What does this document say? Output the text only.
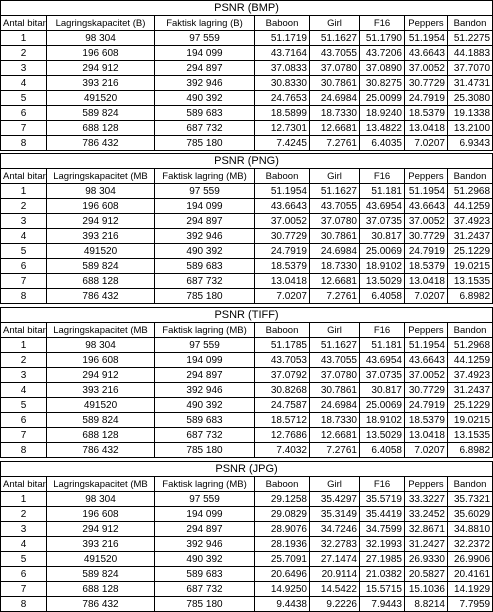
PSNR (BMP)							
Antal bitar	Lagringskapacitet (B)	Faktisk lagring (B)	Baboon	Girl	F16	Peppers	Bandon
1	98 304	97 559	51.1719	51.1627	51.1790	51.1954	51.2275
2	196 608	194 099	43.7164	43.7055	43.7206	43.6643	44.1883
3	294 912	294 897	37.0833	37.0780	37.0890	37.0052	37.7070
4	393 216	392 946	30.8330	30.7861	30.8275	30.7729	31.4731
5	491520	490 392	24.7653	24.6984	25.0099	24.7919	25.3080
6	589 824	589 683	18.5899	18.7330	18.9240	18.5379	19.1338
7	688 128	687 732	12.7301	12.6681	13.4822	13.0418	13.2100
8	786 432	785 180	7.4245	7.2761	6.4035	7.0207	6.9343
PSNR (PNG)							
Antal bitar	Lagringskapacitet (MB	Faktisk lagring (MB)	Baboon	Girl	F16	Peppers	Bandon
1	98 304	97 559	51.1954	51.1627	51.181	51.1954	51.2968
2	196 608	194 099	43.6643	43.7055	43.6954	43.6643	44.1259
3	294 912	294 897	37.0052	37.0780	37.0735	37.0052	37.4923
4	393 216	392 946	30.7729	30.7861	30.817	30.7729	31.2437
5	491520	490 392	24.7919	24.6984	25.0069	24.7919	25.1229
6	589 824	589 683	18.5379	18.7330	18.9102	18.5379	19.0215
7	688 128	687 732	13.0418	12.6681	13.5029	13.0418	13.1535
8	786 432	785 180	7.0207	7.2761	6.4058	7.0207	6.8982
PSNR (TIFF)							
Antal bitar	Lagringskapacitet (MB	Faktisk lagring (MB)	Baboon	Girl	F16	Peppers	Bandon
1	98 304	97 559	51.1785	51.1627	51.181	51.1954	51.2968
2	196 608	194 099	43.7053	43.7055	43.6954	43.6643	44.1259
3	294 912	294 897	37.0792	37.0780	37.0735	37.0052	37.4923
4	393 216	392 946	30.8268	30.7861	30.817	30.7729	31.2437
5	491520	490 392	24.7587	24.6984	25.0069	24.7919	25.1229
6	589 824	589 683	18.5712	18.7330	18.9102	18.5379	19.0215
7	688 128	687 732	12.7686	12.6681	13.5029	13.0418	13.1535
8	786 432	785 180	7.4032	7.2761	6.4058	7.0207	6.8982
PSNR (JPG)							
Antal bitar	Lagringskapacitet (MB	Faktisk lagring (MB)	Baboon	Girl	F16	Peppers	Bandon
1	98 304	97 559	29.1258	35.4297	35.5719	33.3227	35.7321
2	196 608	194 099	29.0829	35.3149	35.4419	33.2452	35.6029
3	294 912	294 897	28.9076	34.7246	34.7599	32.8671	34.8810
4	393 216	392 946	28.1936	32.2783	32.1993	31.2427	32.2372
5	491520	490 392	25.7091	27.1474	27.1985	26.9330	26.9906
6	589 824	589 683	20.6496	20.9114	21.0382	20.5827	20.4161
7	688 128	687 732	14.9250	14.5422	15.5715	15.1036	14.1929
8	786 432	785 180	9.4438	9.2226	7.9443	8.8214	7.7959
